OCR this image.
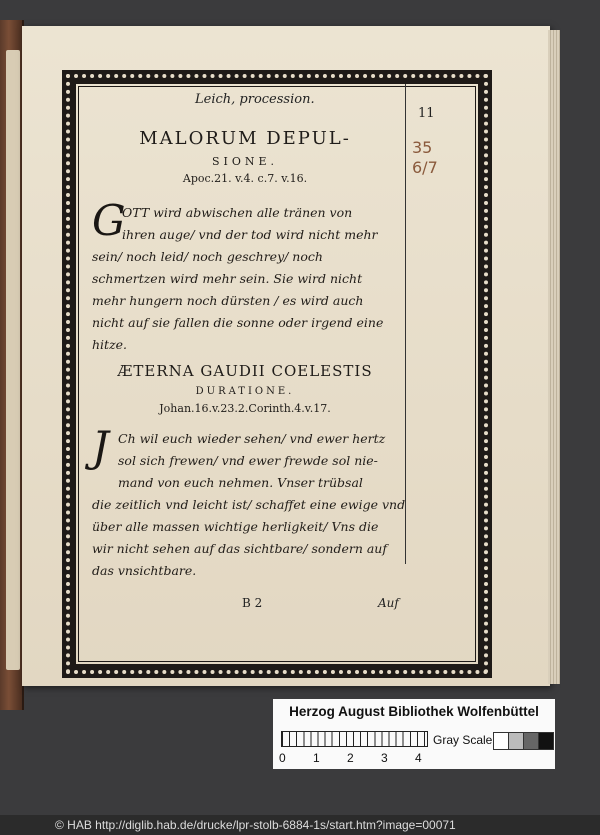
Leich, procession.
11
35
6/7
MALORUM DEPUL-
SIONE.
Apoc.21. v.4. c.7. v.16.
G
OTT wird abwischen alle tränen von
ihren auge/ vnd der tod wird nicht mehr
sein/ noch leid/ noch geschrey/ noch
schmertzen wird mehr sein. Sie wird nicht
mehr hungern noch dürsten / es wird auch
nicht auf sie fallen die sonne oder irgend eine
hitze.
ÆTERNA GAUDII COELESTIS
DURATIONE.
Johan.16.v.23.2.Corinth.4.v.17.
J Ch wil euch wieder sehen/ vnd ewer hertz
sol sich frewen/ vnd ewer frewde sol nie-
mand von euch nehmen. Vnser trübsal
die zeitlich vnd leicht ist/ schaffet eine ewige vnd
über alle massen wichtige herligkeit/ Vns die
wir nicht sehen auf das sichtbare/ sondern auf
das vnsichtbare.
B 2	Auf
Herzog August Bibliothek Wolfenbüttel
0 1 2 3 4
Gray Scale
© HAB http://diglib.hab.de/drucke/lpr-stolb-6884-1s/start.htm?image=00071
